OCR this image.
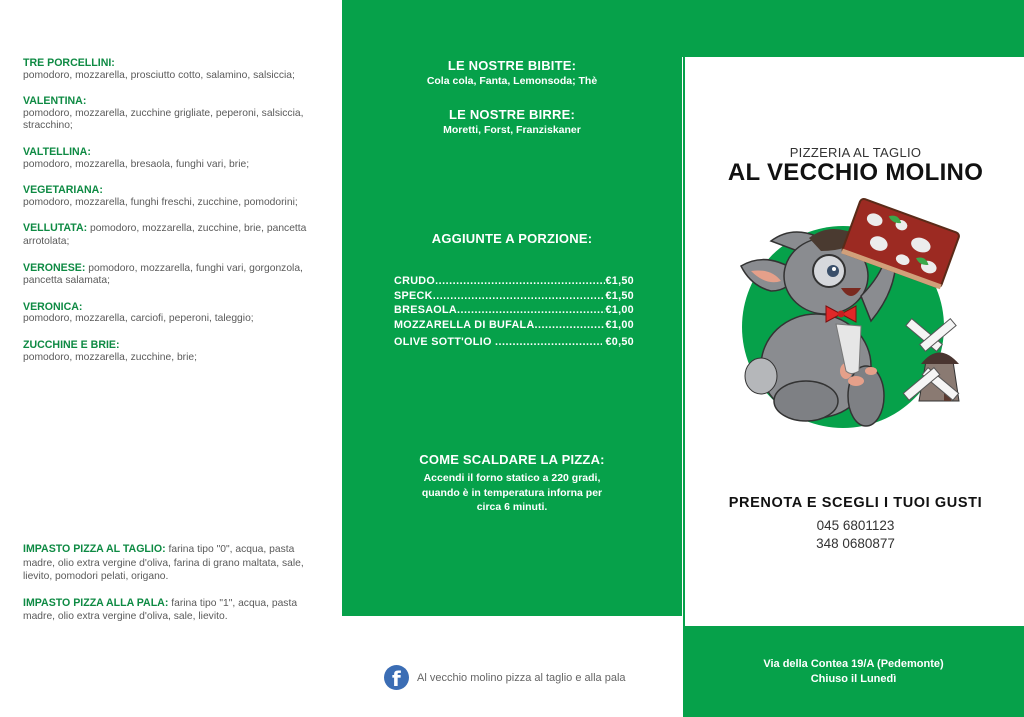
TRE PORCELLINI:
pomodoro, mozzarella, prosciutto cotto, salamino, salsiccia;
VALENTINA:
pomodoro, mozzarella, zucchine grigliate, peperoni, salsiccia, stracchino;
VALTELLINA:
pomodoro, mozzarella, bresaola, funghi vari, brie;
VEGETARIANA:
pomodoro, mozzarella, funghi freschi, zucchine, pomodorini;
VELLUTATA: pomodoro, mozzarella, zucchine, brie, pancetta arrotolata;
VERONESE: pomodoro, mozzarella, funghi vari, gorgonzola, pancetta salamata;
VERONICA:
pomodoro, mozzarella, carciofi, peperoni, taleggio;
ZUCCHINE E BRIE:
pomodoro, mozzarella, zucchine, brie;
IMPASTO PIZZA AL TAGLIO: farina tipo "0", acqua, pasta madre, olio extra vergine d'oliva, farina di grano maltata, sale, lievito, pomodori pelati, origano.
IMPASTO PIZZA ALLA PALA: farina tipo "1", acqua, pasta madre, olio extra vergine d'oliva, sale, lievito.
LE NOSTRE BIBITE:
Cola cola, Fanta, Lemonsoda; Thè
LE NOSTRE BIRRE:
Moretti, Forst, Franziskaner
AGGIUNTE A PORZIONE:
CRUDO .....	€1,50
SPECK .....	€1,50
BRESAOLA .....	€1,00
MOZZARELLA DI BUFALA .....	€1,00
OLIVE SOTT'OLIO .....	€0,50
COME SCALDARE LA PIZZA:
Accendi il forno statico a 220 gradi,
quando è in temperatura inforna per
circa 6 minuti.
f Al vecchio molino pizza al taglio e alla pala
PIZZERIA AL TAGLIO
AL VECCHIO MOLINO
PRENOTA E SCEGLI I TUOI GUSTI
045 6801123
348 0680877
Via della Contea 19/A (Pedemonte)
Chiuso il Lunedì
